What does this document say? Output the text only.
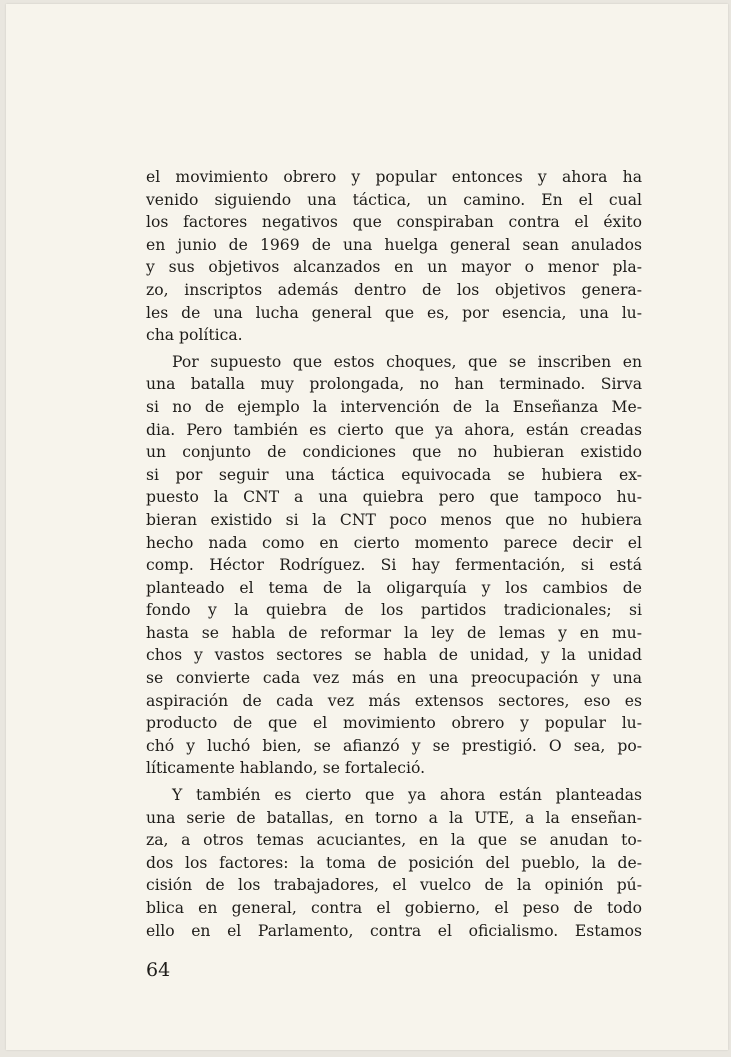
el movimiento obrero y popular entonces y ahora ha
venido siguiendo una táctica, un camino. En el cual
los factores negativos que conspiraban contra el éxito
en junio de 1969 de una huelga general sean anulados
y sus objetivos alcanzados en un mayor o menor pla-
zo, inscriptos además dentro de los objetivos genera-
les de una lucha general que es, por esencia, una lu-
cha política.
Por supuesto que estos choques, que se inscriben en
una batalla muy prolongada, no han terminado. Sirva
si no de ejemplo la intervención de la Enseñanza Me-
dia. Pero también es cierto que ya ahora, están creadas
un conjunto de condiciones que no hubieran existido
si por seguir una táctica equivocada se hubiera ex-
puesto la CNT a una quiebra pero que tampoco hu-
bieran existido si la CNT poco menos que no hubiera
hecho nada como en cierto momento parece decir el
comp. Héctor Rodríguez. Si hay fermentación, si está
planteado el tema de la oligarquía y los cambios de
fondo y la quiebra de los partidos tradicionales; si
hasta se habla de reformar la ley de lemas y en mu-
chos y vastos sectores se habla de unidad, y la unidad
se convierte cada vez más en una preocupación y una
aspiración de cada vez más extensos sectores, eso es
producto de que el movimiento obrero y popular lu-
chó y luchó bien, se afianzó y se prestigió. O sea, po-
líticamente hablando, se fortaleció.
Y también es cierto que ya ahora están planteadas
una serie de batallas, en torno a la UTE, a la enseñan-
za, a otros temas acuciantes, en la que se anudan to-
dos los factores: la toma de posición del pueblo, la de-
cisión de los trabajadores, el vuelco de la opinión pú-
blica en general, contra el gobierno, el peso de todo
ello en el Parlamento, contra el oficialismo. Estamos
64
